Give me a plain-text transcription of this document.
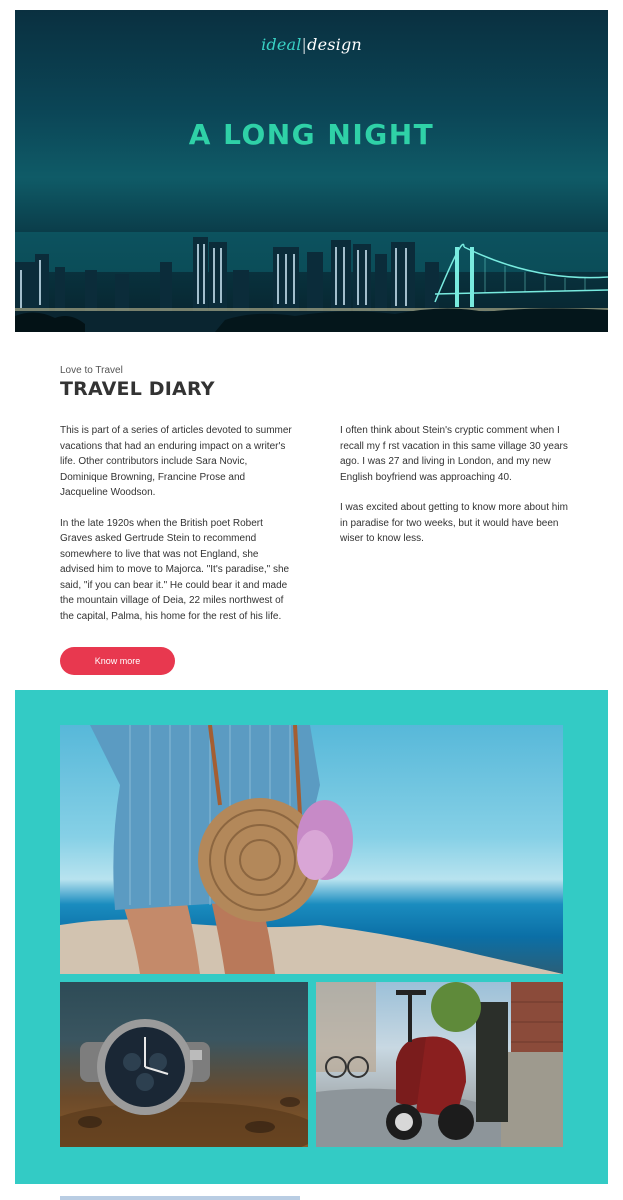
ideal|design
A LONG NIGHT

Love to Travel

TRAVEL DIARY

This is part of a series of articles devoted to summer vacations that had an enduring impact on a writer's life. Other contributors include Sara Novic, Dominique Browning, Francine Prose and Jacqueline Woodson.

In the late 1920s when the British poet Robert Graves asked Gertrude Stein to recommend somewhere to live that was not England, she advised him to move to Majorca. "It's paradise," she said, "if you can bear it." He could bear it and made the mountain village of Deia, 22 miles northwest of the capital, Palma, his home for the rest of his life.

I often think about Stein's cryptic comment when I recall my f rst vacation in this same village 30 years ago. I was 27 and living in London, and my new English boyfriend was approaching 40.

I was excited about getting to know more about him in paradise for two weeks, but it would have been wiser to know less.

Know more
